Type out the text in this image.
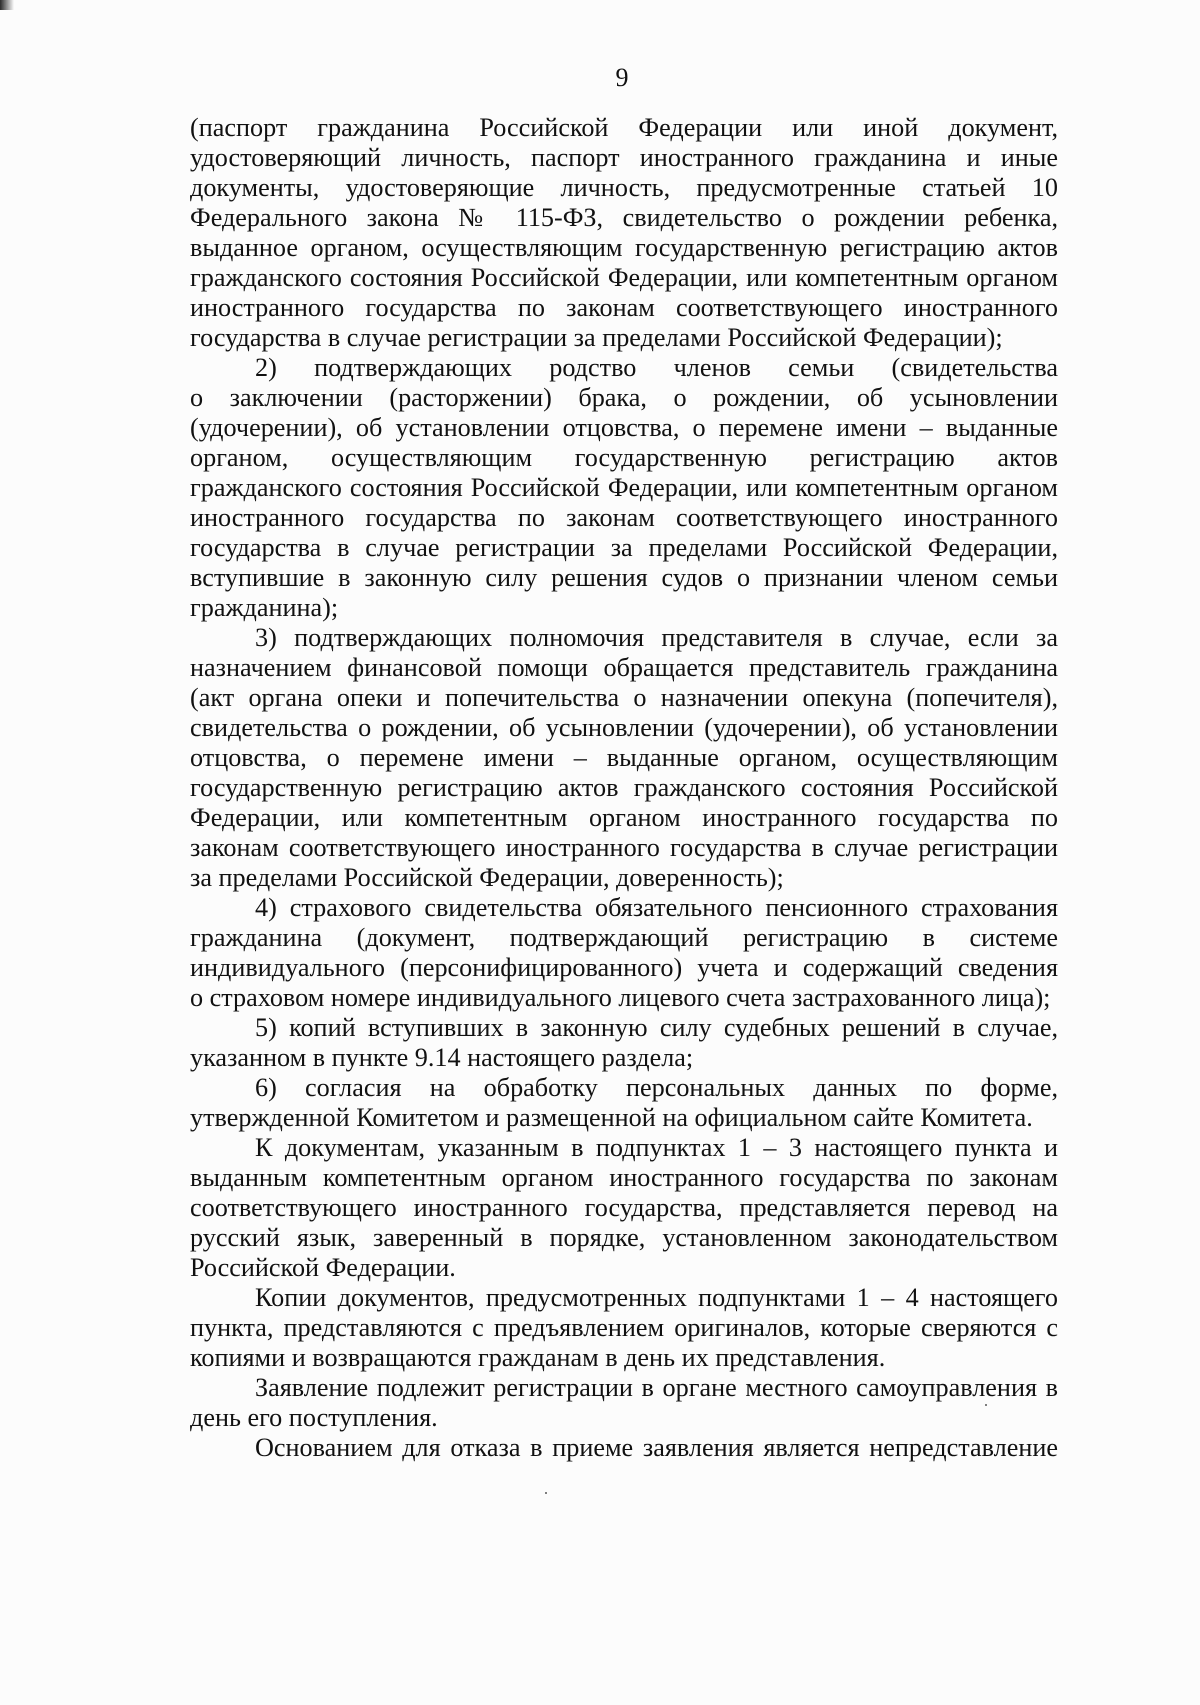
9
(паспорт гражданина Российской Федерации или иной документ,
удостоверяющий личность, паспорт иностранного гражданина и иные
документы, удостоверяющие личность, предусмотренные статьей 10
Федерального закона № 115-ФЗ, свидетельство о рождении ребенка,
выданное органом, осуществляющим государственную регистрацию актов
гражданского состояния Российской Федерации, или компетентным органом
иностранного государства по законам соответствующего иностранного
государства в случае регистрации за пределами Российской Федерации);
2) подтверждающих родство членов семьи (свидетельства
о заключении (расторжении) брака, о рождении, об усыновлении
(удочерении), об установлении отцовства, о перемене имени – выданные
органом, осуществляющим государственную регистрацию актов
гражданского состояния Российской Федерации, или компетентным органом
иностранного государства по законам соответствующего иностранного
государства в случае регистрации за пределами Российской Федерации,
вступившие в законную силу решения судов о признании членом семьи
гражданина);
3) подтверждающих полномочия представителя в случае, если за
назначением финансовой помощи обращается представитель гражданина
(акт органа опеки и попечительства о назначении опекуна (попечителя),
свидетельства о рождении, об усыновлении (удочерении), об установлении
отцовства, о перемене имени – выданные органом, осуществляющим
государственную регистрацию актов гражданского состояния Российской
Федерации, или компетентным органом иностранного государства по
законам соответствующего иностранного государства в случае регистрации
за пределами Российской Федерации, доверенность);
4) страхового свидетельства обязательного пенсионного страхования
гражданина (документ, подтверждающий регистрацию в системе
индивидуального (персонифицированного) учета и содержащий сведения
о страховом номере индивидуального лицевого счета застрахованного лица);
5) копий вступивших в законную силу судебных решений в случае,
указанном в пункте 9.14 настоящего раздела;
6) согласия на обработку персональных данных по форме,
утвержденной Комитетом и размещенной на официальном сайте Комитета.
К документам, указанным в подпунктах 1 – 3 настоящего пункта и
выданным компетентным органом иностранного государства по законам
соответствующего иностранного государства, представляется перевод на
русский язык, заверенный в порядке, установленном законодательством
Российской Федерации.
Копии документов, предусмотренных подпунктами 1 – 4 настоящего
пункта, представляются с предъявлением оригиналов, которые сверяются с
копиями и возвращаются гражданам в день их представления.
Заявление подлежит регистрации в органе местного самоуправления в
день его поступления.
Основанием для отказа в приеме заявления является непредставление
